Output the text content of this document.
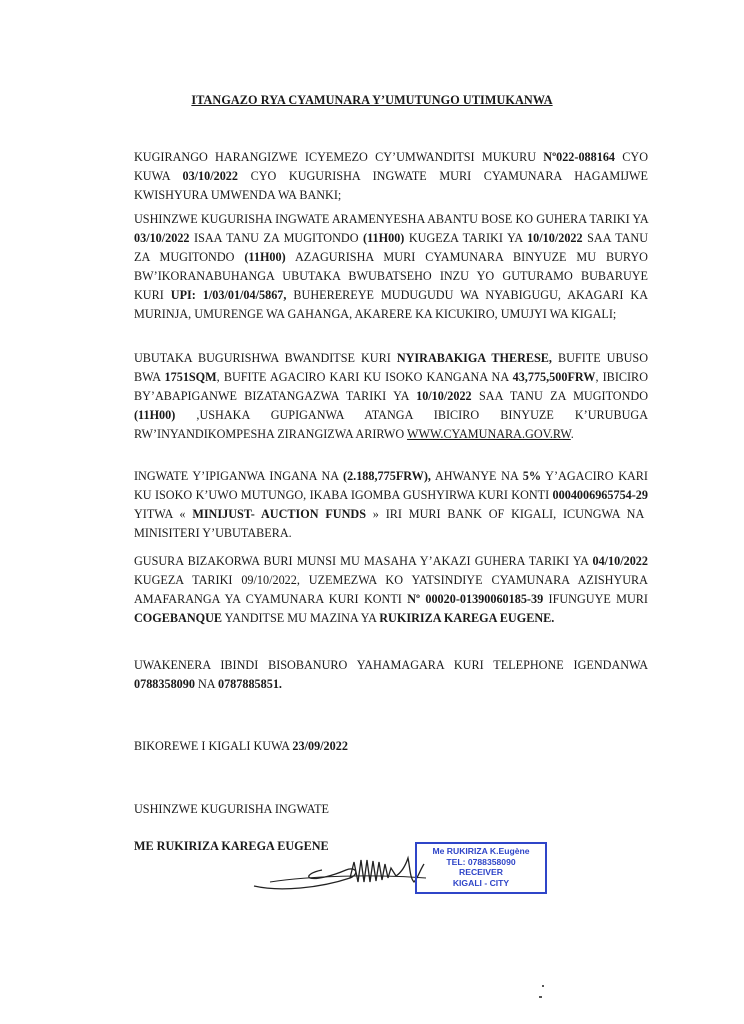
ITANGAZO RYA CYAMUNARA Y’UMUTUNGO UTIMUKANWA
KUGIRANGO HARANGIZWE ICYEMEZO CY’UMWANDITSI MUKURU Nº022-088164 CYO KUWA 03/10/2022 CYO KUGURISHA INGWATE MURI CYAMUNARA HAGAMIJWE KWISHYURA UMWENDA WA BANKI;
USHINZWE KUGURISHA INGWATE ARAMENYESHA ABANTU BOSE KO GUHERA TARIKI YA 03/10/2022 ISAA TANU ZA MUGITONDO (11H00) KUGEZA TARIKI YA 10/10/2022 SAA TANU ZA MUGITONDO (11H00) AZAGURISHA MURI CYAMUNARA BINYUZE MU BURYO BW’IKORANABUHANGA UBUTAKA BWUBATSEHO INZU YO GUTURAMO BUBARUYE KURI UPI: 1/03/01/04/5867, BUHEREREYE MUDUGUDU WA NYABIGUGU, AKAGARI KA MURINJA, UMURENGE WA GAHANGA, AKARERE KA KICUKIRO, UMUJYI WA KIGALI;
UBUTAKA BUGURISHWA BWANDITSE KURI NYIRABAKIGA THERESE, BUFITE UBUSO BWA 1751SQM, BUFITE AGACIRO KARI KU ISOKO KANGANA NA 43,775,500FRW, IBICIRO BY’ABAPIGANWE BIZATANGAZWA TARIKI YA 10/10/2022 SAA TANU ZA MUGITONDO (11H00) ,USHAKA GUPIGANWA ATANGA IBICIRO BINYUZE K’URUBUGA RW’INYANDIKOMPESHA ZIRANGIZWA ARIRWO WWW.CYAMUNARA.GOV.RW.
INGWATE Y’IPIGANWA INGANA NA (2.188,775FRW), AHWANYE NA 5% Y’AGACIRO KARI KU ISOKO K’UWO MUTUNGO, IKABA IGOMBA GUSHYIRWA KURI KONTI 0004006965754-29 YITWA « MINIJUST- AUCTION FUNDS » IRI MURI BANK OF KIGALI, ICUNGWA NA MINISITERI Y’UBUTABERA.
GUSURA BIZAKORWA BURI MUNSI MU MASAHA Y’AKAZI GUHERA TARIKI YA 04/10/2022 KUGEZA TARIKI 09/10/2022, UZEMEZWA KO YATSINDIYE CYAMUNARA AZISHYURA AMAFARANGA YA CYAMUNARA KURI KONTI Nº 00020-01390060185-39 IFUNGUYE MURI COGEBANQUE YANDITSE MU MAZINA YA RUKIRIZA KAREGA EUGENE.
UWAKENERA IBINDI BISOBANURO YAHAMAGARA KURI TELEPHONE IGENDANWA 0788358090 NA 0787885851.
BIKOREWE I KIGALI KUWA 23/09/2022
USHINZWE KUGURISHA INGWATE
ME RUKIRIZA KAREGA EUGENE	Me RUKIRIZA K.Eugène
TEL: 0788358090
RECEIVER
KIGALI - CITY
